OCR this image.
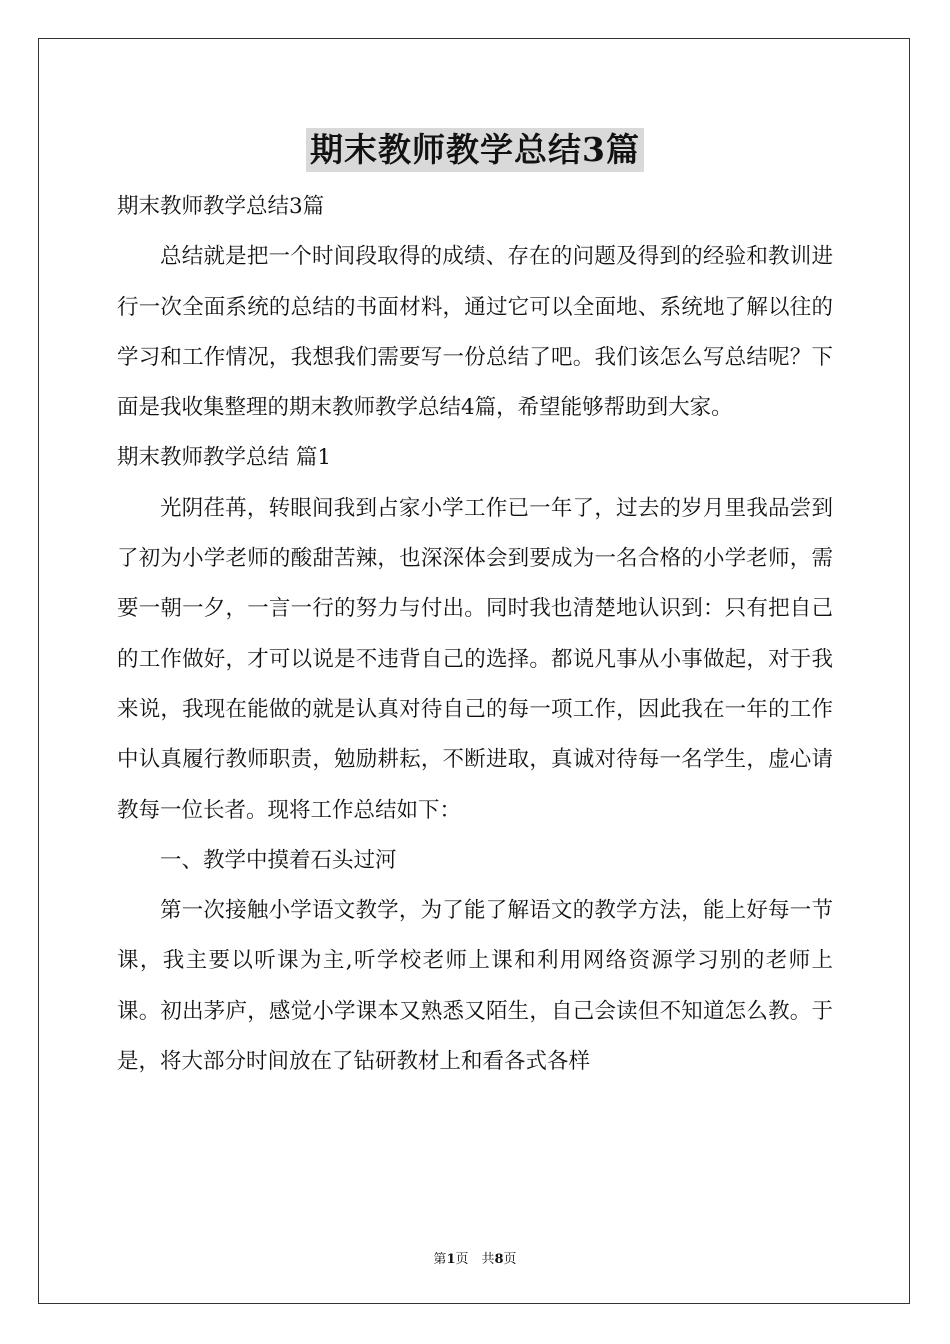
期末教师教学总结3篇

期末教师教学总结3篇

总结就是把一个时间段取得的成绩、存在的问题及得到的经验和教训进行一次全面系统的总结的书面材料，通过它可以全面地、系统地了解以往的学习和工作情况，我想我们需要写一份总结了吧。我们该怎么写总结呢？下面是我收集整理的期末教师教学总结4篇，希望能够帮助到大家。

期末教师教学总结 篇1

光阴荏苒，转眼间我到占家小学工作已一年了，过去的岁月里我品尝到了初为小学老师的酸甜苦辣，也深深体会到要成为一名合格的小学老师，需要一朝一夕，一言一行的努力与付出。同时我也清楚地认识到：只有把自己的工作做好，才可以说是不违背自己的选择。都说凡事从小事做起，对于我来说，我现在能做的就是认真对待自己的每一项工作，因此我在一年的工作中认真履行教师职责，勉励耕耘，不断进取，真诚对待每一名学生，虚心请教每一位长者。现将工作总结如下：

一、教学中摸着石头过河

第一次接触小学语文教学，为了能了解语文的教学方法，能上好每一节课，我主要以听课为主,听学校老师上课和利用网络资源学习别的老师上课。初出茅庐，感觉小学课本又熟悉又陌生，自己会读但不知道怎么教。于是，将大部分时间放在了钻研教材上和看各式各样

第1页　共8页
